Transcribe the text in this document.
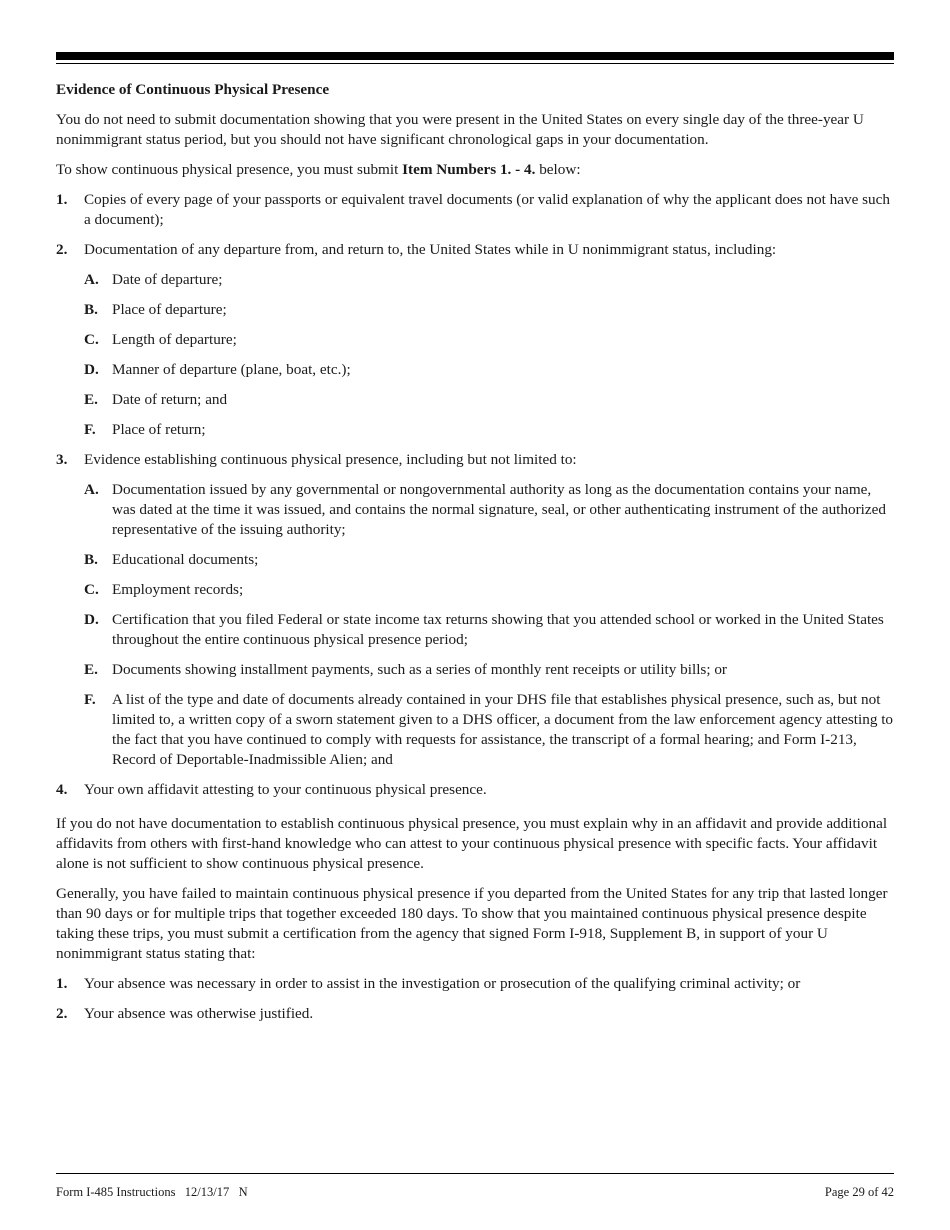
Evidence of Continuous Physical Presence

You do not need to submit documentation showing that you were present in the United States on every single day of the three-year U nonimmigrant status period, but you should not have significant chronological gaps in your documentation.

To show continuous physical presence, you must submit Item Numbers 1. - 4. below:

1. Copies of every page of your passports or equivalent travel documents (or valid explanation of why the applicant does not have such a document);
2. Documentation of any departure from, and return to, the United States while in U nonimmigrant status, including:
A. Date of departure;
B. Place of departure;
C. Length of departure;
D. Manner of departure (plane, boat, etc.);
E. Date of return; and
F. Place of return;
3. Evidence establishing continuous physical presence, including but not limited to:
A. Documentation issued by any governmental or nongovernmental authority as long as the documentation contains your name, was dated at the time it was issued, and contains the normal signature, seal, or other authenticating instrument of the authorized representative of the issuing authority;
B. Educational documents;
C. Employment records;
D. Certification that you filed Federal or state income tax returns showing that you attended school or worked in the United States throughout the entire continuous physical presence period;
E. Documents showing installment payments, such as a series of monthly rent receipts or utility bills; or
F. A list of the type and date of documents already contained in your DHS file that establishes physical presence, such as, but not limited to, a written copy of a sworn statement given to a DHS officer, a document from the law enforcement agency attesting to the fact that you have continued to comply with requests for assistance, the transcript of a formal hearing; and Form I-213, Record of Deportable-Inadmissible Alien; and
4. Your own affidavit attesting to your continuous physical presence.

If you do not have documentation to establish continuous physical presence, you must explain why in an affidavit and provide additional affidavits from others with first-hand knowledge who can attest to your continuous physical presence with specific facts. Your affidavit alone is not sufficient to show continuous physical presence.

Generally, you have failed to maintain continuous physical presence if you departed from the United States for any trip that lasted longer than 90 days or for multiple trips that together exceeded 180 days. To show that you maintained continuous physical presence despite taking these trips, you must submit a certification from the agency that signed Form I-918, Supplement B, in support of your U nonimmigrant status stating that:

1. Your absence was necessary in order to assist in the investigation or prosecution of the qualifying criminal activity; or
2. Your absence was otherwise justified.
Form I-485 Instructions   12/13/17   N	Page 29 of 42
